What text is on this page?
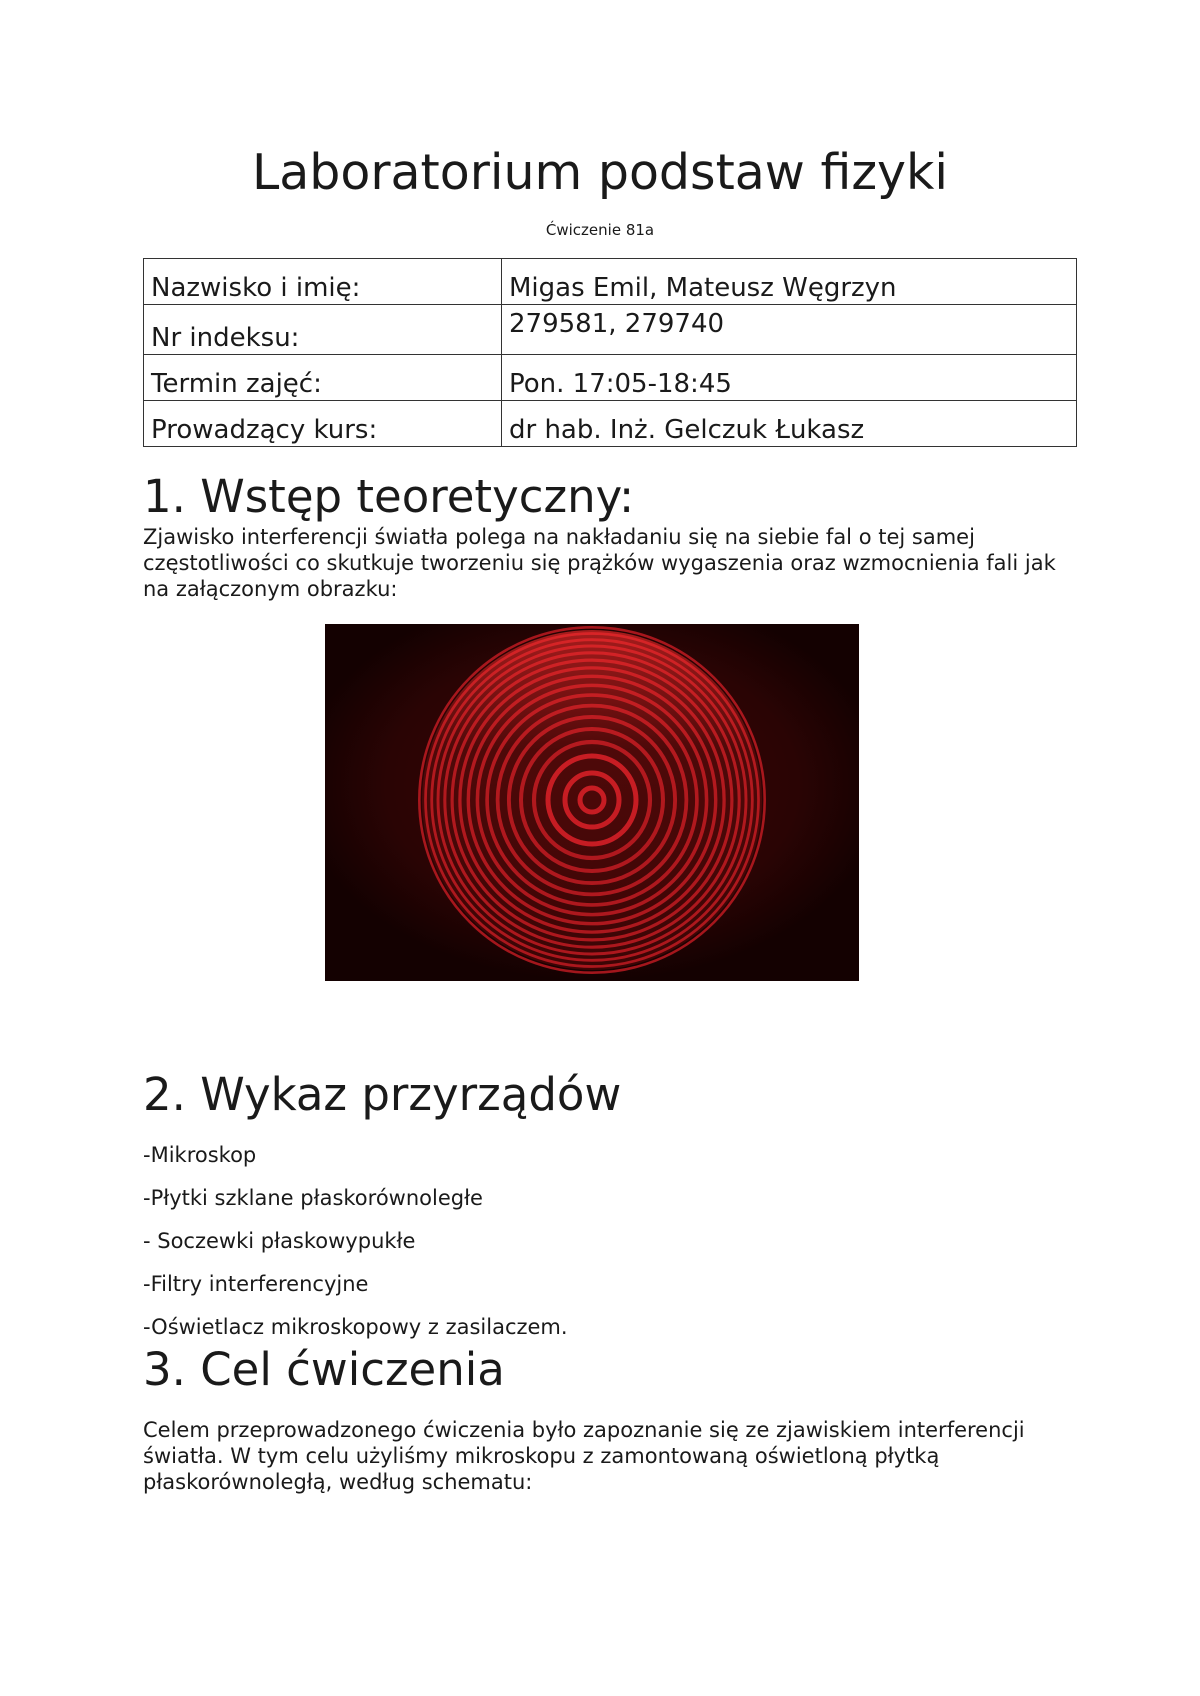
Laboratorium podstaw fizyki
Ćwiczenie 81a
Nazwisko i imię:	Migas Emil, Mateusz Węgrzyn
Nr indeksu:	279581, 279740
Termin zajęć:	Pon. 17:05-18:45
Prowadzący kurs:	dr hab. Inż. Gelczuk Łukasz
1. Wstęp teoretyczny:

Zjawisko interferencji światła polega na nakładaniu się na siebie fal o tej samej częstotliwości co skutkuje tworzeniu się prążków wygaszenia oraz wzmocnienia fali jak na załączonym obrazku:

2. Wykaz przyrządów
-Mikroskop
-Płytki szklane płaskorównoległe
- Soczewki płaskowypukłe
-Filtry interferencyjne
-Oświetlacz mikroskopowy z zasilaczem.
3. Cel ćwiczenia

Celem przeprowadzonego ćwiczenia było zapoznanie się ze zjawiskiem interferencji światła. W tym celu użyliśmy mikroskopu z zamontowaną oświetloną płytką płaskorównoległą, według schematu:
